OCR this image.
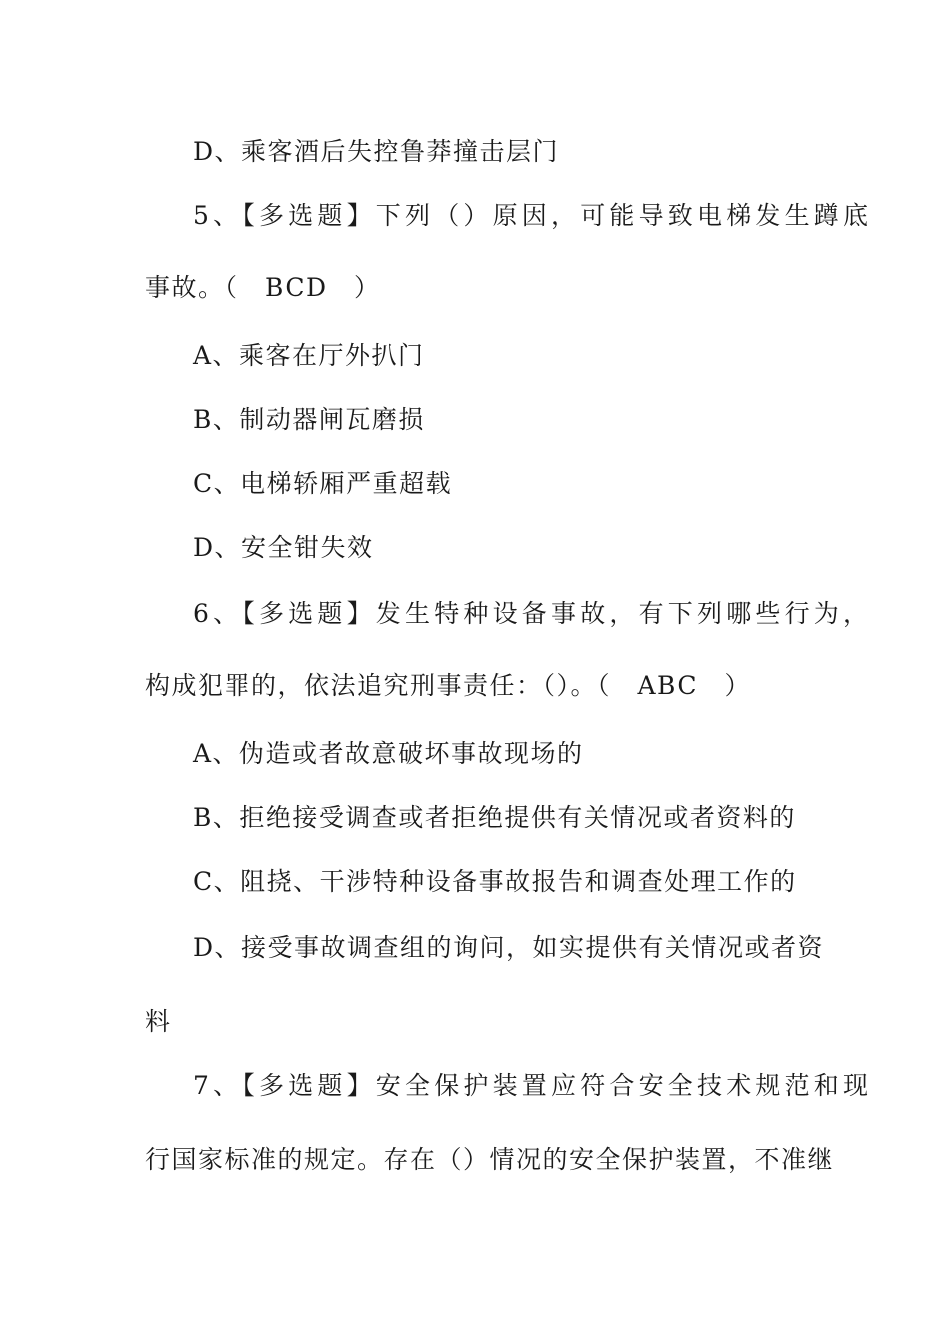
D、乘客酒后失控鲁莽撞击层门
5、【多选题】下列（）原因，可能导致电梯发生蹲底
事故。（　BCD　）
A、乘客在厅外扒门
B、制动器闸瓦磨损
C、电梯轿厢严重超载
D、安全钳失效
6、【多选题】发生特种设备事故，有下列哪些行为，
构成犯罪的，依法追究刑事责任：（）。（　ABC　）
A、伪造或者故意破坏事故现场的
B、拒绝接受调查或者拒绝提供有关情况或者资料的
C、阻挠、干涉特种设备事故报告和调查处理工作的
D、接受事故调查组的询问，如实提供有关情况或者资
料
7、【多选题】安全保护装置应符合安全技术规范和现
行国家标准的规定。存在（）情况的安全保护装置，不准继
